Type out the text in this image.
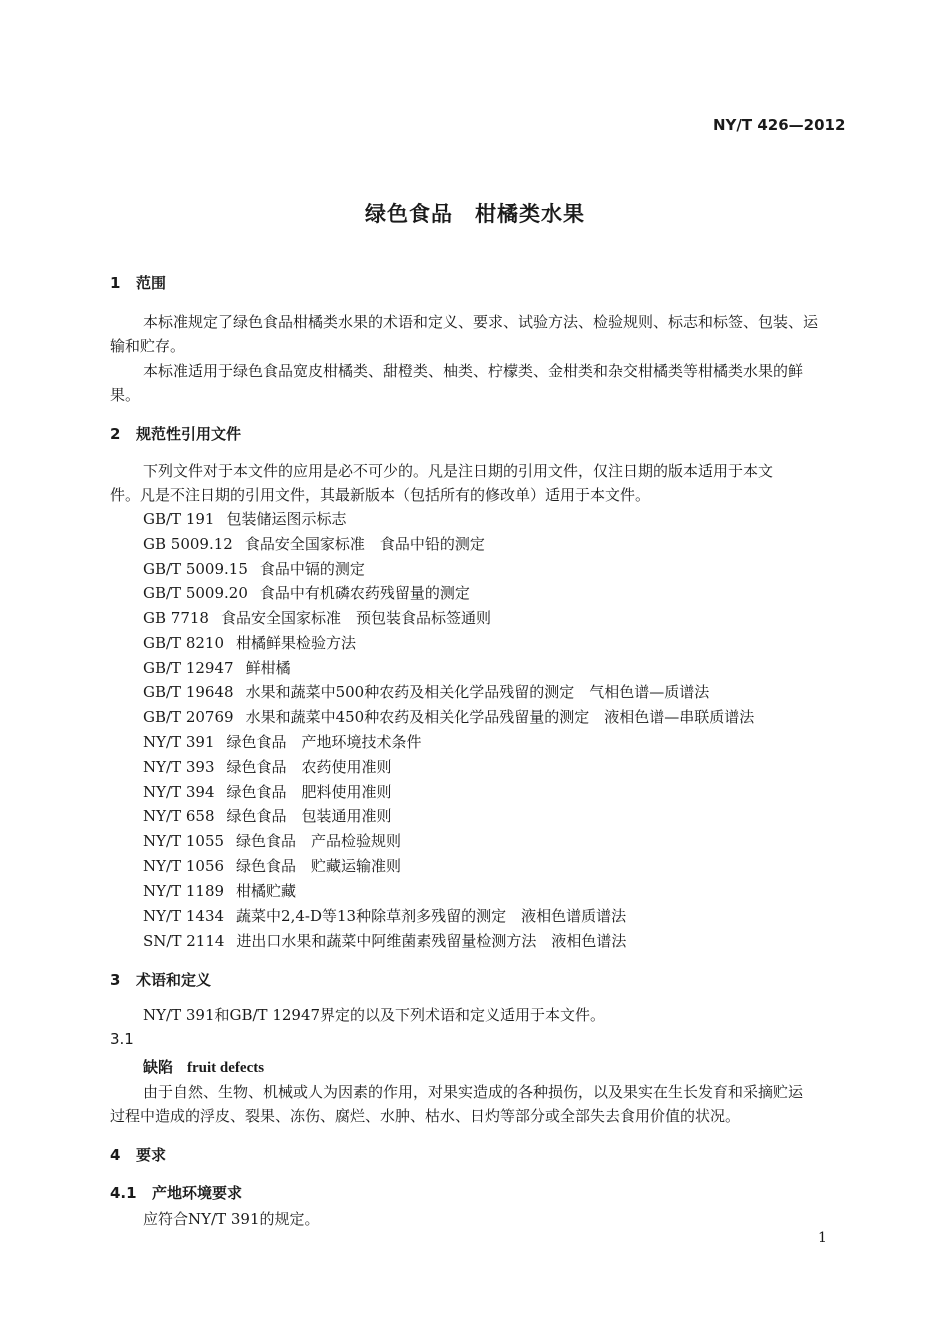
NY/T 426—2012
绿色食品　柑橘类水果
1 范围
本标准规定了绿色食品柑橘类水果的术语和定义、要求、试验方法、检验规则、标志和标签、包装、运
输和贮存。
本标准适用于绿色食品宽皮柑橘类、甜橙类、柚类、柠檬类、金柑类和杂交柑橘类等柑橘类水果的鲜
果。
2 规范性引用文件
下列文件对于本文件的应用是必不可少的。凡是注日期的引用文件，仅注日期的版本适用于本文
件。凡是不注日期的引用文件，其最新版本（包括所有的修改单）适用于本文件。
GB/T 191 包装储运图示标志
GB 5009.12 食品安全国家标准　食品中铅的测定
GB/T 5009.15 食品中镉的测定
GB/T 5009.20 食品中有机磷农药残留量的测定
GB 7718 食品安全国家标准　预包装食品标签通则
GB/T 8210 柑橘鲜果检验方法
GB/T 12947 鲜柑橘
GB/T 19648 水果和蔬菜中500种农药及相关化学品残留的测定　气相色谱—质谱法
GB/T 20769 水果和蔬菜中450种农药及相关化学品残留量的测定　液相色谱—串联质谱法
NY/T 391 绿色食品　产地环境技术条件
NY/T 393 绿色食品　农药使用准则
NY/T 394 绿色食品　肥料使用准则
NY/T 658 绿色食品　包装通用准则
NY/T 1055 绿色食品　产品检验规则
NY/T 1056 绿色食品　贮藏运输准则
NY/T 1189 柑橘贮藏
NY/T 1434 蔬菜中2,4-D等13种除草剂多残留的测定　液相色谱质谱法
SN/T 2114 进出口水果和蔬菜中阿维菌素残留量检测方法　液相色谱法
3 术语和定义
NY/T 391和GB/T 12947界定的以及下列术语和定义适用于本文件。
3.1
缺陷 fruit defects
由于自然、生物、机械或人为因素的作用，对果实造成的各种损伤，以及果实在生长发育和采摘贮运
过程中造成的浮皮、裂果、冻伤、腐烂、水肿、枯水、日灼等部分或全部失去食用价值的状况。
4 要求
4.1 产地环境要求
应符合NY/T 391的规定。
1
